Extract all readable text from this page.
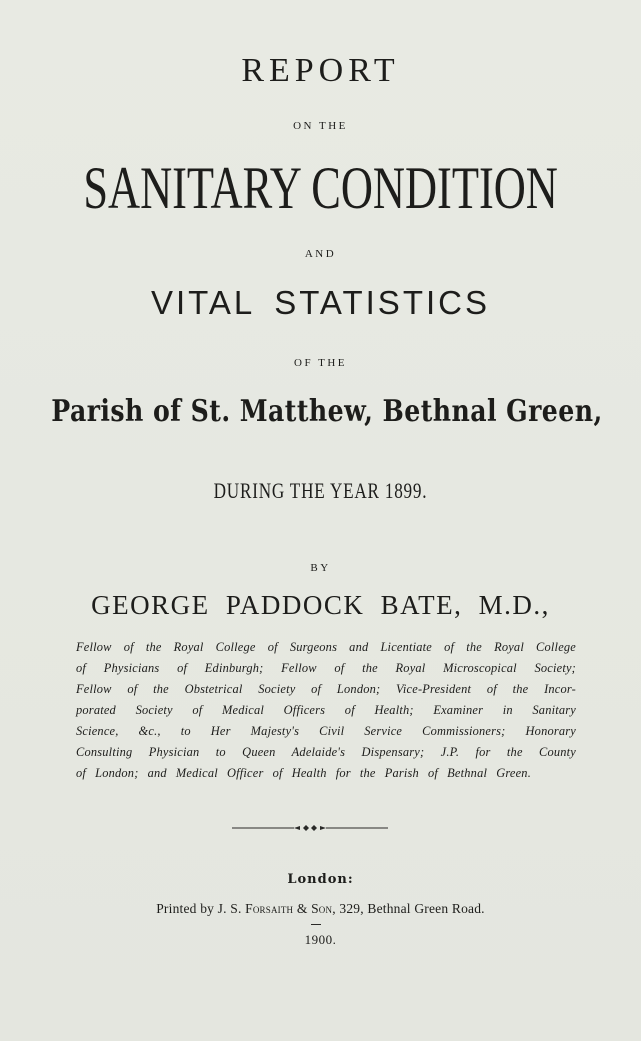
REPORT
ON THE
SANITARY CONDITION
AND
VITAL STATISTICS
OF THE
Parish of St. Matthew, Bethnal Green,
DURING THE YEAR 1899.
BY
GEORGE PADDOCK BATE, M.D.,
Fellow of the Royal College of Surgeons and Licentiate of the Royal College
of Physicians of Edinburgh; Fellow of the Royal Microscopical Society;
Fellow of the Obstetrical Society of London; Vice-President of the Incor-
porated Society of Medical Officers of Health; Examiner in Sanitary
Science, &c., to Her Majesty's Civil Service Commissioners; Honorary
Consulting Physician to Queen Adelaide's Dispensary; J.P. for the County
of London; and Medical Officer of Health for the Parish of Bethnal Green.
London:
Printed by J. S. Forsaith & Son, 329, Bethnal Green Road.
1900.
